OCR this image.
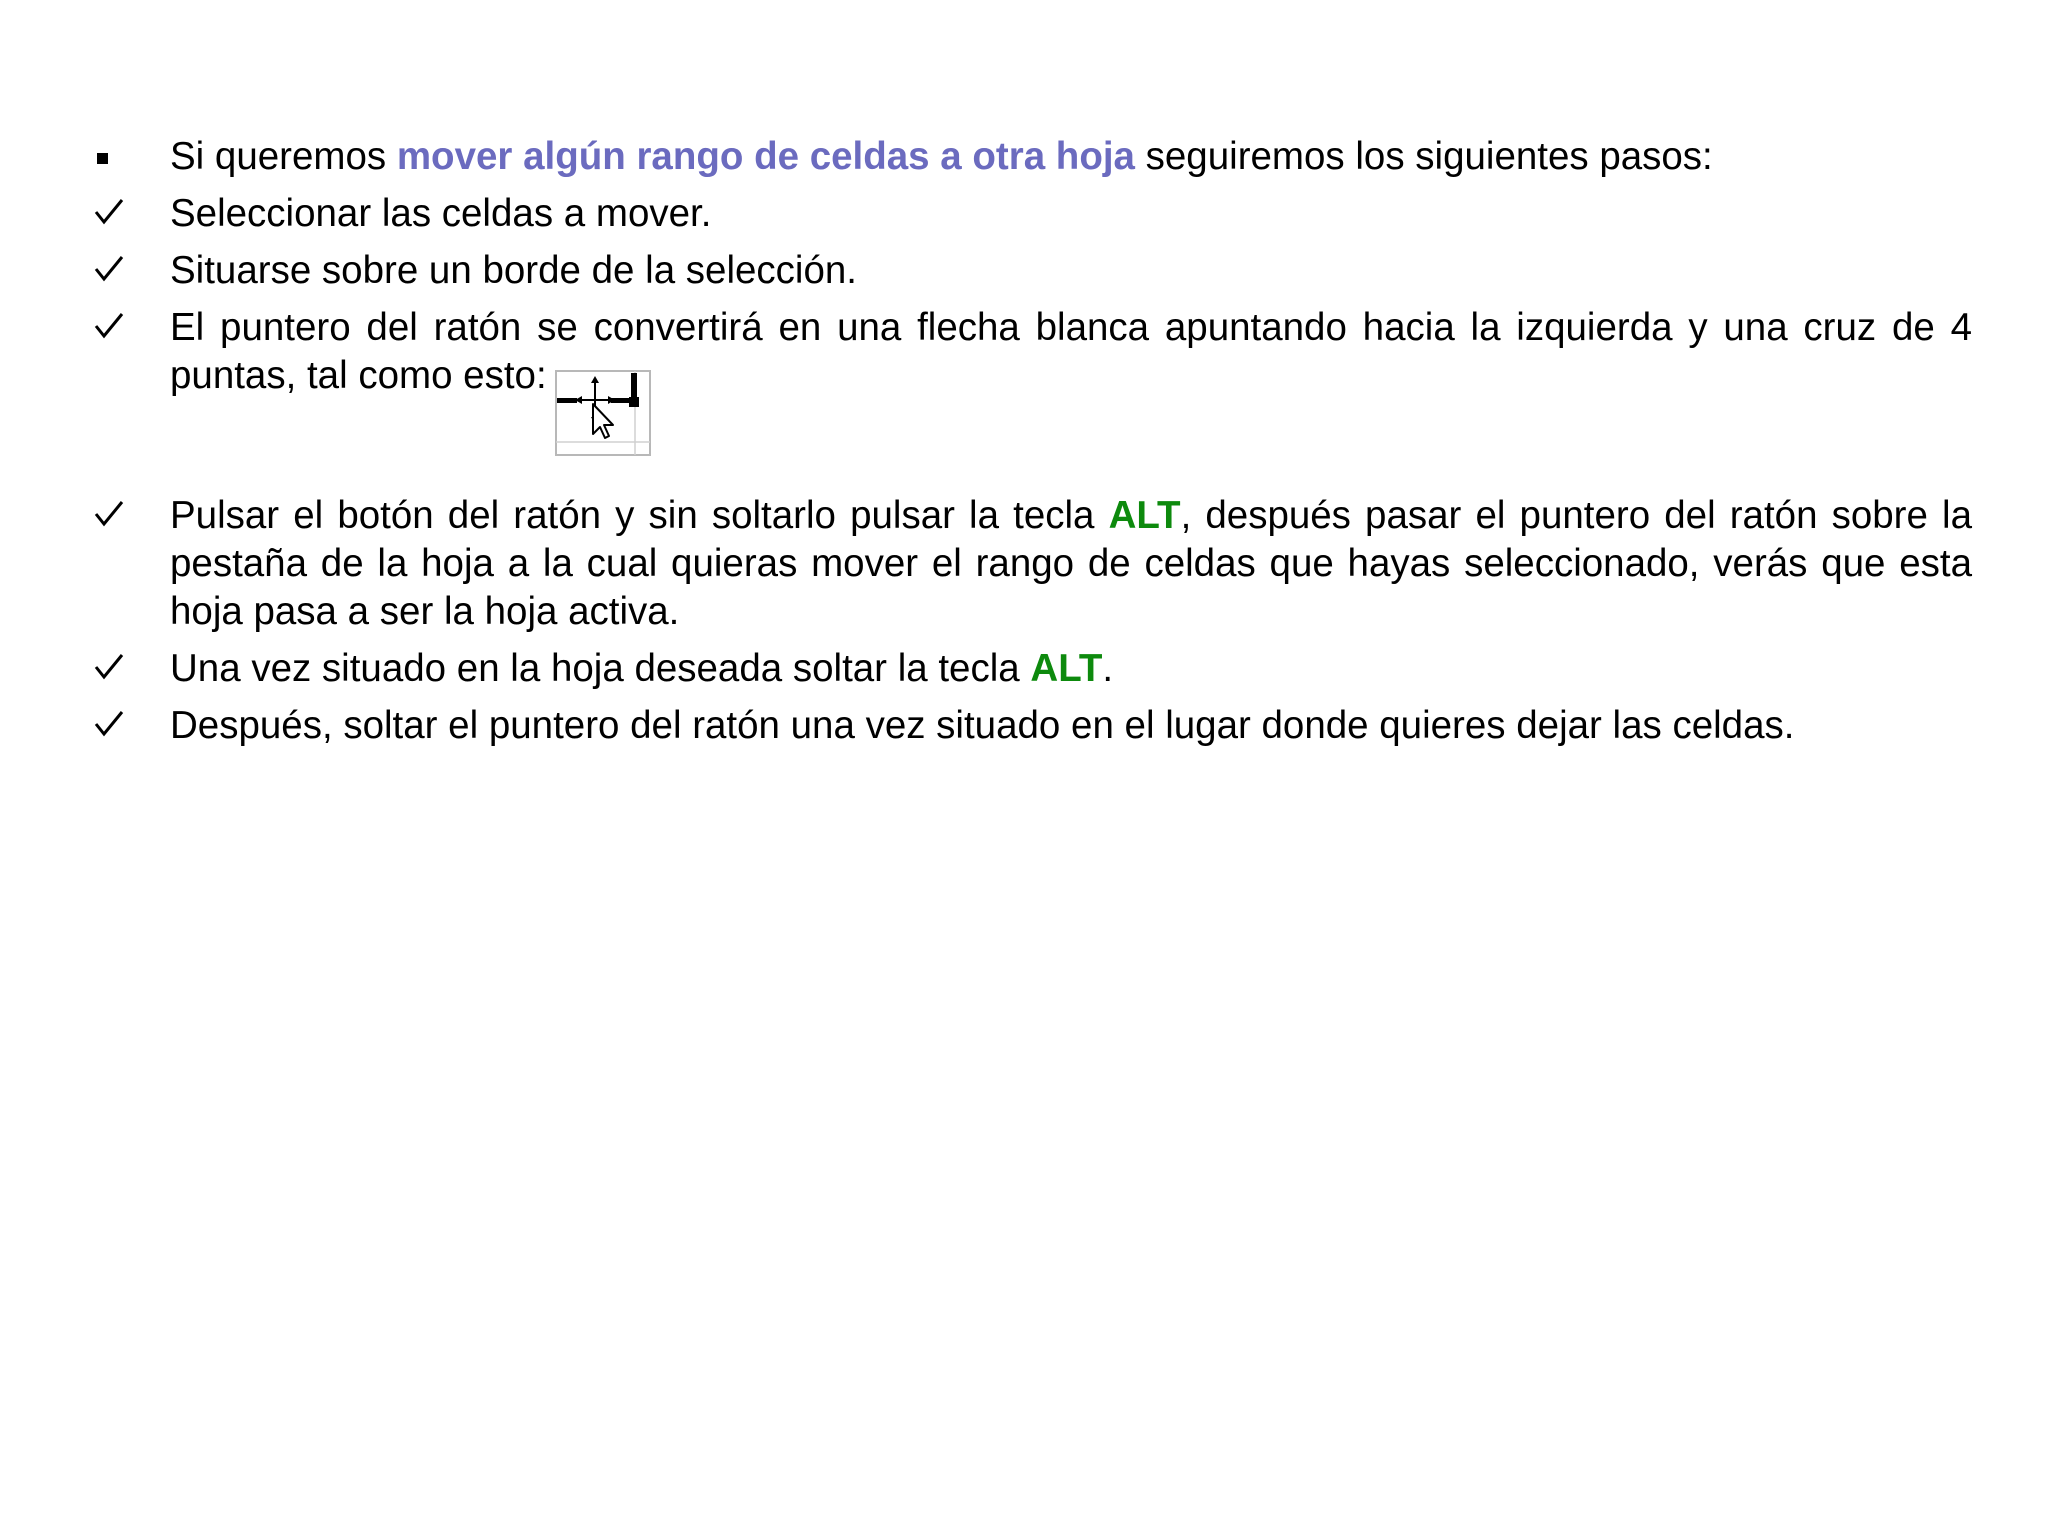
Si queremos mover algún rango de celdas a otra hoja seguiremos los siguientes pasos:
Seleccionar las celdas a mover.
Situarse sobre un borde de la selección.
El puntero del ratón se convertirá en una flecha blanca apuntando hacia la izquierda y una cruz de 4 puntas, tal como esto:
Pulsar el botón del ratón y sin soltarlo pulsar la tecla ALT, después pasar el puntero del ratón sobre la pestaña de la hoja a la cual quieras mover el rango de celdas que hayas seleccionado, verás que esta hoja pasa a ser la hoja activa.
Una vez situado en la hoja deseada soltar la tecla ALT.
Después, soltar el puntero del ratón una vez situado en el lugar donde quieres dejar las celdas.
